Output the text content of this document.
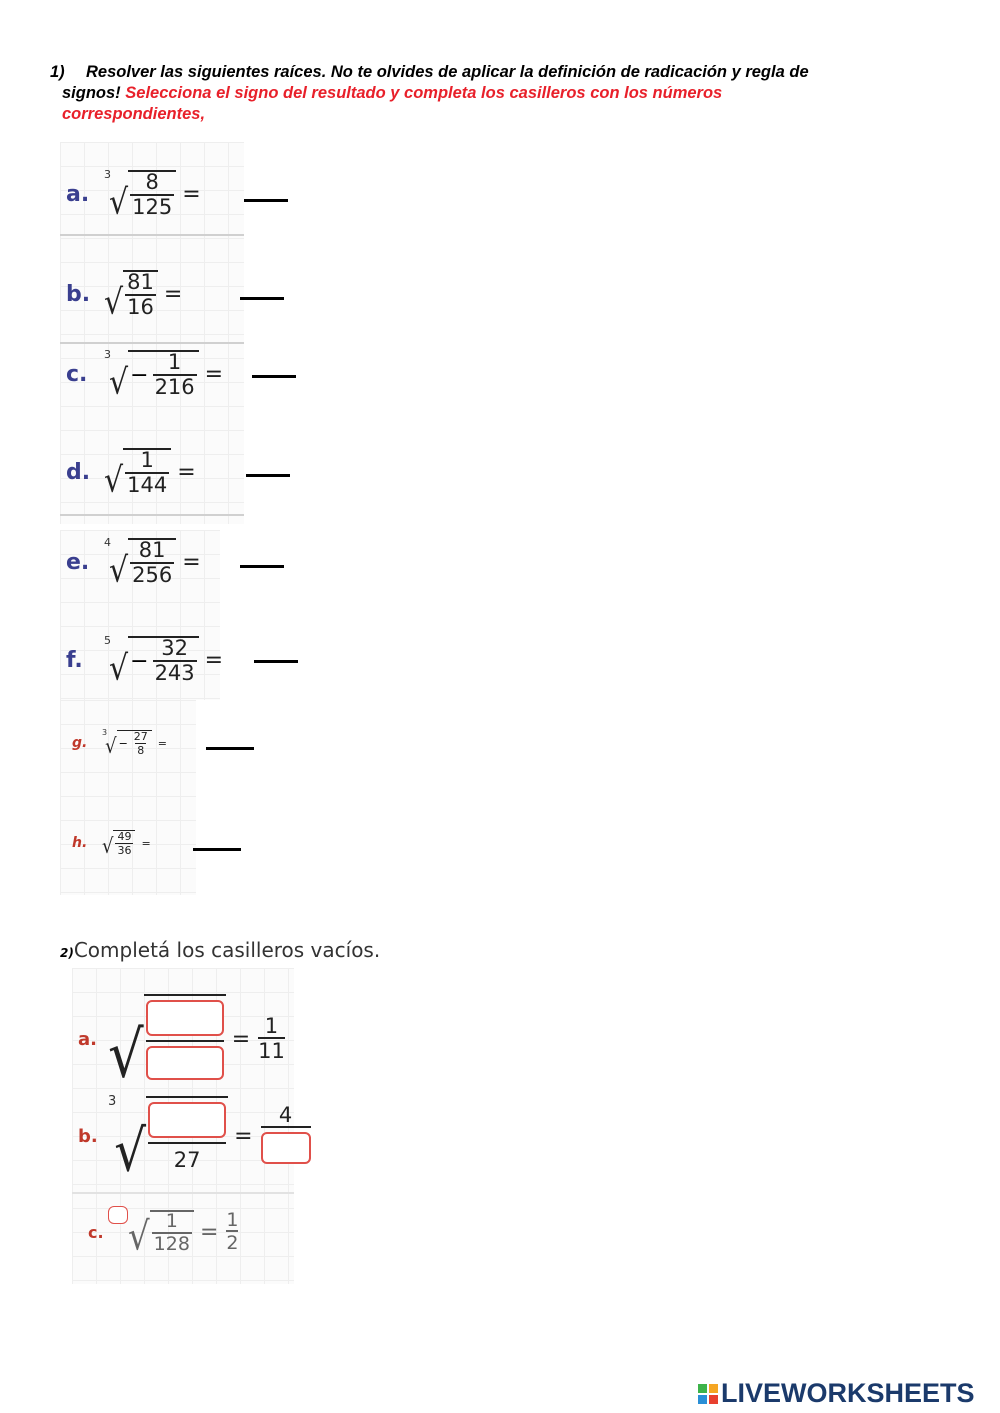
1) Resolver las siguientes raíces. No te olvides de aplicar la definición de radicación y regla de
signos! Selecciona el signo del resultado y completa los casilleros con los números
correspondientes,
a.
3
√ $\frac{8}{125}$ =
b. √ $\frac{81}{16}$ =
c.
3
√ − $\frac{1}{216}$ =
d. √ $\frac{1}{144}$ =
e.
4
√ $\frac{81}{256}$ =
f.
5
√ − $\frac{32}{243}$ =
g.
3
√ − $\frac{27}{8}$ =
h. √ $\frac{49}{36}$ =
2)Completá los casilleros vacíos.
a. √	= $\frac{1}{11}$
b.
3
√ 27
=
4
c. √ $\frac{1}{128} = \frac{1}{2}$
LIVEWORKSHEETS
